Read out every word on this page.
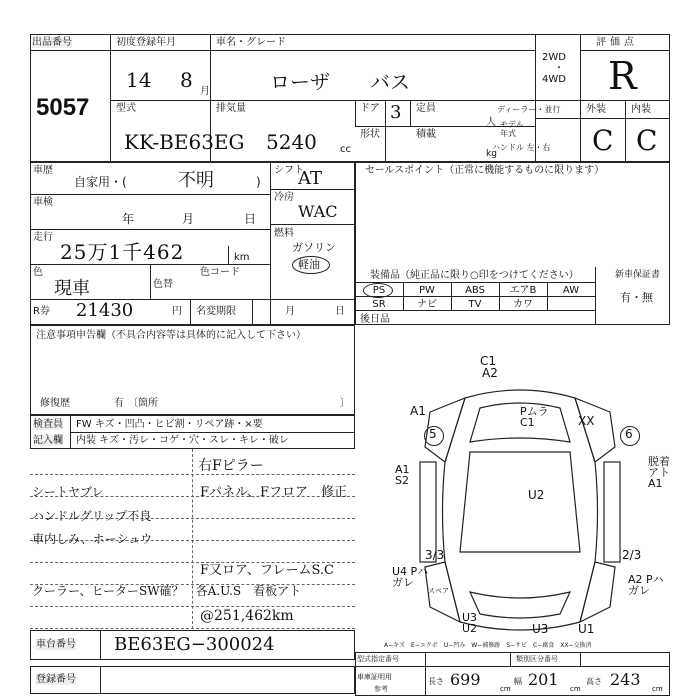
出品番号
5057
初度登録年月
14 8 月
車名・グレード
ローザ　　バス
2WD
・
4WD
評価点
R
型式
KK-BE63EG
排気量
5240 cc
ドア 3 定員
人
形状	積載
kg
ディーラー・並行
モデル
年式
ハンドル 左・右
外装	内装
C C
車歴
自家用・(	不明	)
車検
年	月	日
走行
25万1千462	km
色
現車	色替
色コード
R券 21430	円 名変期限	月	日
シフト
AT
冷房
WAC
燃料
ガソリン
軽油
セールスポイント（正常に機能するものに限ります）
装備品（純正品に限り○印をつけてください）	新車保証書
有・無
PS	PW	ABS	エアB	AW
SR	ナビ	TV	カワ
後日品
注意事項申告欄（不具合内容等は具体的に記入して下さい）
修復歴	有 〔箇所	〕
検査員
記入欄
FW キズ・凹凸・ヒビ割・リペア跡・×要
内装 キズ・汚レ・コゲ・穴・スレ・キレ・破レ
右Fピラー
Fパネル、Fフロア　修正
シートヤブレ
ハンドルグリップ不良
車内しみ、ホーシュウ
F又ロア、フレームS.C
クーラー、ヒーターSW確？　各A.U.S　看板アト
@251,462km
車台番号 BE63EG−300024
登録番号
C1
A2
A1
5
PムラC1	XX
6
A1 S2
U2
脱着アト A1
3/3
U4 Pハガレ
2/3
A2 Pハガレ
U3 U2	U3 U1
スペア
A−キズ　E−エクボ　U−凹み　W−補修跡　S−サビ　C−腐食　XX−交換済
型式指定番号	類別区分番号
車庫証明用
参考
長さ 699	cm
幅 201 cm
高さ 243 cm
